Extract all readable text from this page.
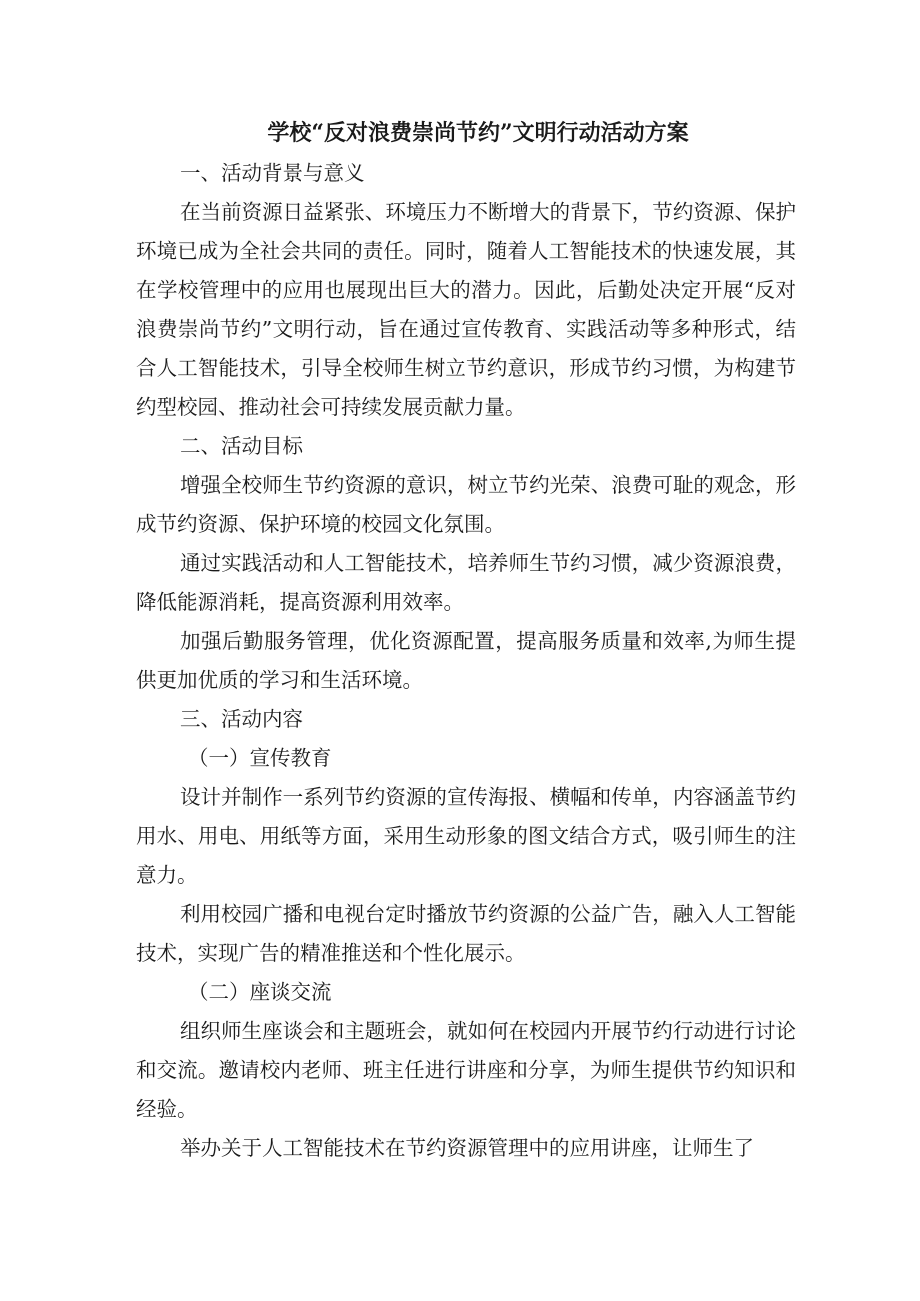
学校“反对浪费崇尚节约”文明行动活动方案

一、活动背景与意义

在当前资源日益紧张、环境压力不断增大的背景下，节约资源、保护环境已成为全社会共同的责任。同时，随着人工智能技术的快速发展，其在学校管理中的应用也展现出巨大的潜力。因此，后勤处决定开展“反对浪费崇尚节约”文明行动，旨在通过宣传教育、实践活动等多种形式，结合人工智能技术，引导全校师生树立节约意识，形成节约习惯，为构建节约型校园、推动社会可持续发展贡献力量。

二、活动目标

增强全校师生节约资源的意识，树立节约光荣、浪费可耻的观念，形成节约资源、保护环境的校园文化氛围。

通过实践活动和人工智能技术，培养师生节约习惯，减少资源浪费，降低能源消耗，提高资源利用效率。

加强后勤服务管理，优化资源配置，提高服务质量和效率,为师生提供更加优质的学习和生活环境。

三、活动内容

（一）宣传教育

设计并制作一系列节约资源的宣传海报、横幅和传单，内容涵盖节约用水、用电、用纸等方面，采用生动形象的图文结合方式，吸引师生的注意力。

利用校园广播和电视台定时播放节约资源的公益广告，融入人工智能技术，实现广告的精准推送和个性化展示。

（二）座谈交流

组织师生座谈会和主题班会，就如何在校园内开展节约行动进行讨论和交流。邀请校内老师、班主任进行讲座和分享，为师生提供节约知识和经验。

举办关于人工智能技术在节约资源管理中的应用讲座，让师生了
